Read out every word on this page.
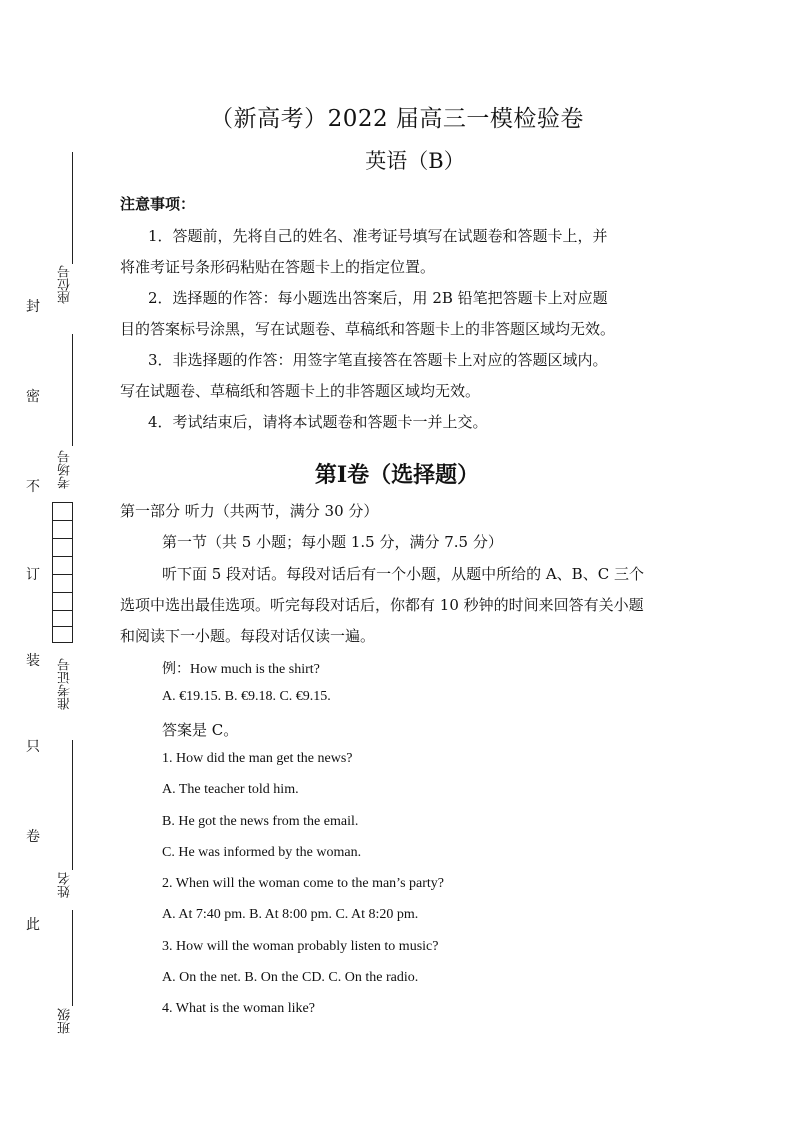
封
密
不
订
装
只
卷
此
座位号
考场号
准考证号
姓名
班级
（新高考）2022 届高三一模检验卷
英语（B）
注意事项：
1．答题前，先将自己的姓名、准考证号填写在试题卷和答题卡上，并
将准考证号条形码粘贴在答题卡上的指定位置。
2．选择题的作答：每小题选出答案后，用 2B 铅笔把答题卡上对应题
目的答案标号涂黑，写在试题卷、草稿纸和答题卡上的非答题区域均无效。
3．非选择题的作答：用签字笔直接答在答题卡上对应的答题区域内。
写在试题卷、草稿纸和答题卡上的非答题区域均无效。
4．考试结束后，请将本试题卷和答题卡一并上交。
第Ⅰ卷（选择题）
第一部分 听力（共两节，满分 30 分）
第一节（共 5 小题；每小题 1.5 分，满分 7.5 分）
听下面 5 段对话。每段对话后有一个小题，从题中所给的 A、B、C 三个
选项中选出最佳选项。听完每段对话后，你都有 10 秒钟的时间来回答有关小题
和阅读下一小题。每段对话仅读一遍。
例：How much is the shirt?
A. €19.15. B. €9.18. C. €9.15.
答案是 C。
1. How did the man get the news?
A. The teacher told him.
B. He got the news from the email.
C. He was informed by the woman.
2. When will the woman come to the man’s party?
A. At 7:40 pm. B. At 8:00 pm. C. At 8:20 pm.
3. How will the woman probably listen to music?
A. On the net. B. On the CD. C. On the radio.
4. What is the woman like?
